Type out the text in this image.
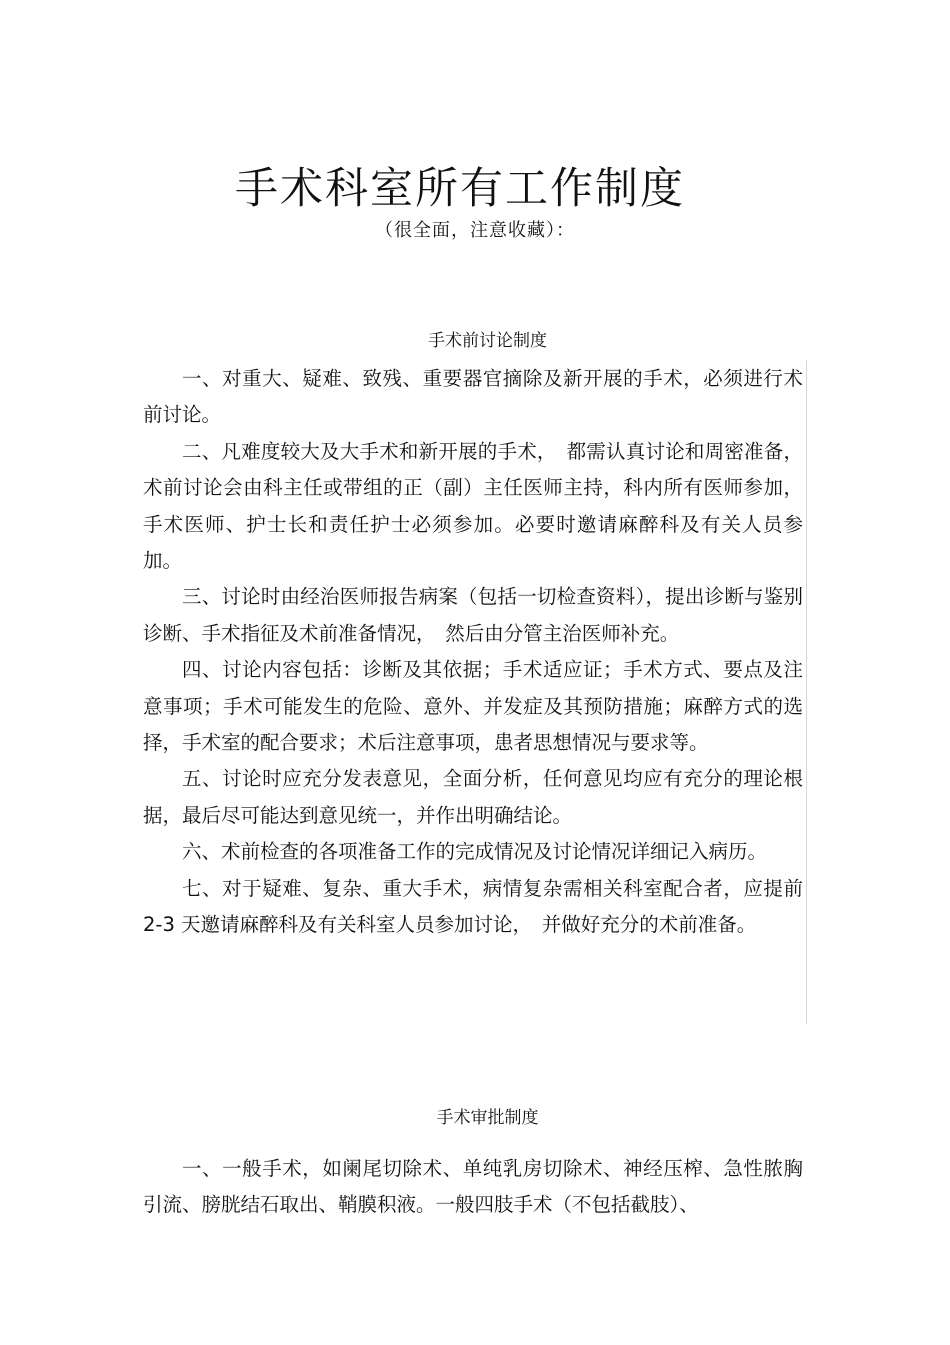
手术科室所有工作制度

（很全面，注意收藏）：

手术前讨论制度

一、对重大、疑难、致残、重要器官摘除及新开展的手术，必须进行术前讨论。

二、凡难度较大及大手术和新开展的手术，　都需认真讨论和周密准备，术前讨论会由科主任或带组的正（副）主任医师主持，科内所有医师参加，手术医师、护士长和责任护士必须参加。必要时邀请麻醉科及有关人员参加。

三、讨论时由经治医师报告病案（包括一切检查资料），提出诊断与鉴别诊断、手术指征及术前准备情况，　然后由分管主治医师补充。

四、讨论内容包括：诊断及其依据；手术适应证；手术方式、要点及注意事项；手术可能发生的危险、意外、并发症及其预防措施；麻醉方式的选择，手术室的配合要求；术后注意事项，患者思想情况与要求等。

五、讨论时应充分发表意见，全面分析，任何意见均应有充分的理论根据，最后尽可能达到意见统一，并作出明确结论。

六、术前检查的各项准备工作的完成情况及讨论情况详细记入病历。

七、对于疑难、复杂、重大手术，病情复杂需相关科室配合者，应提前 2-3 天邀请麻醉科及有关科室人员参加讨论，　并做好充分的术前准备。

手术审批制度

一、一般手术，如阑尾切除术、单纯乳房切除术、神经压榨、急性脓胸引流、膀胱结石取出、鞘膜积液。一般四肢手术（不包括截肢）、
